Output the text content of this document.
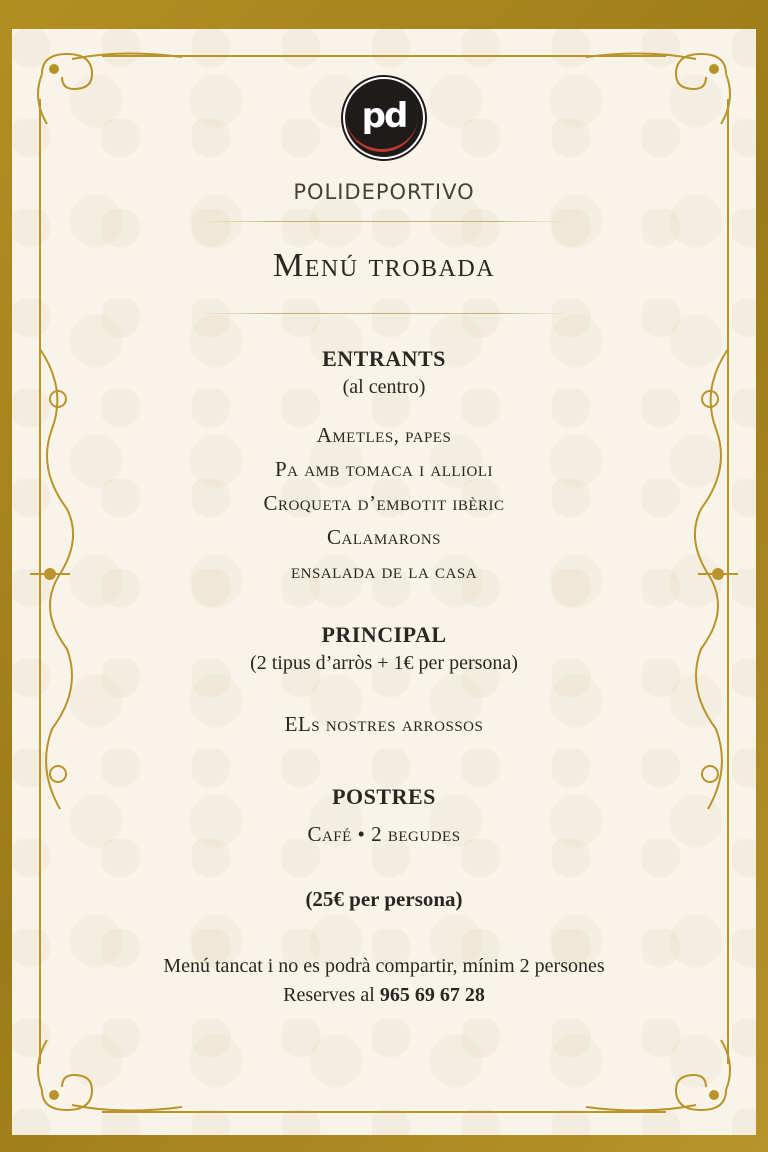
pd
POLIDEPORTIVO
Menú trobada
ENTRANTS
(al centro)
Ametles, papes
Pa amb tomaca i allioli
Croqueta d’embotit ibèric
Calamarons
ensalada de la casa
PRINCIPAL
(2 tipus d’arròs + 1€ per persona)
ELs nostres arrossos
POSTRES
Café • 2 begudes
(25€ per persona)
Menú tancat i no es podrà compartir, mínim 2 persones
Reserves al 965 69 67 28
